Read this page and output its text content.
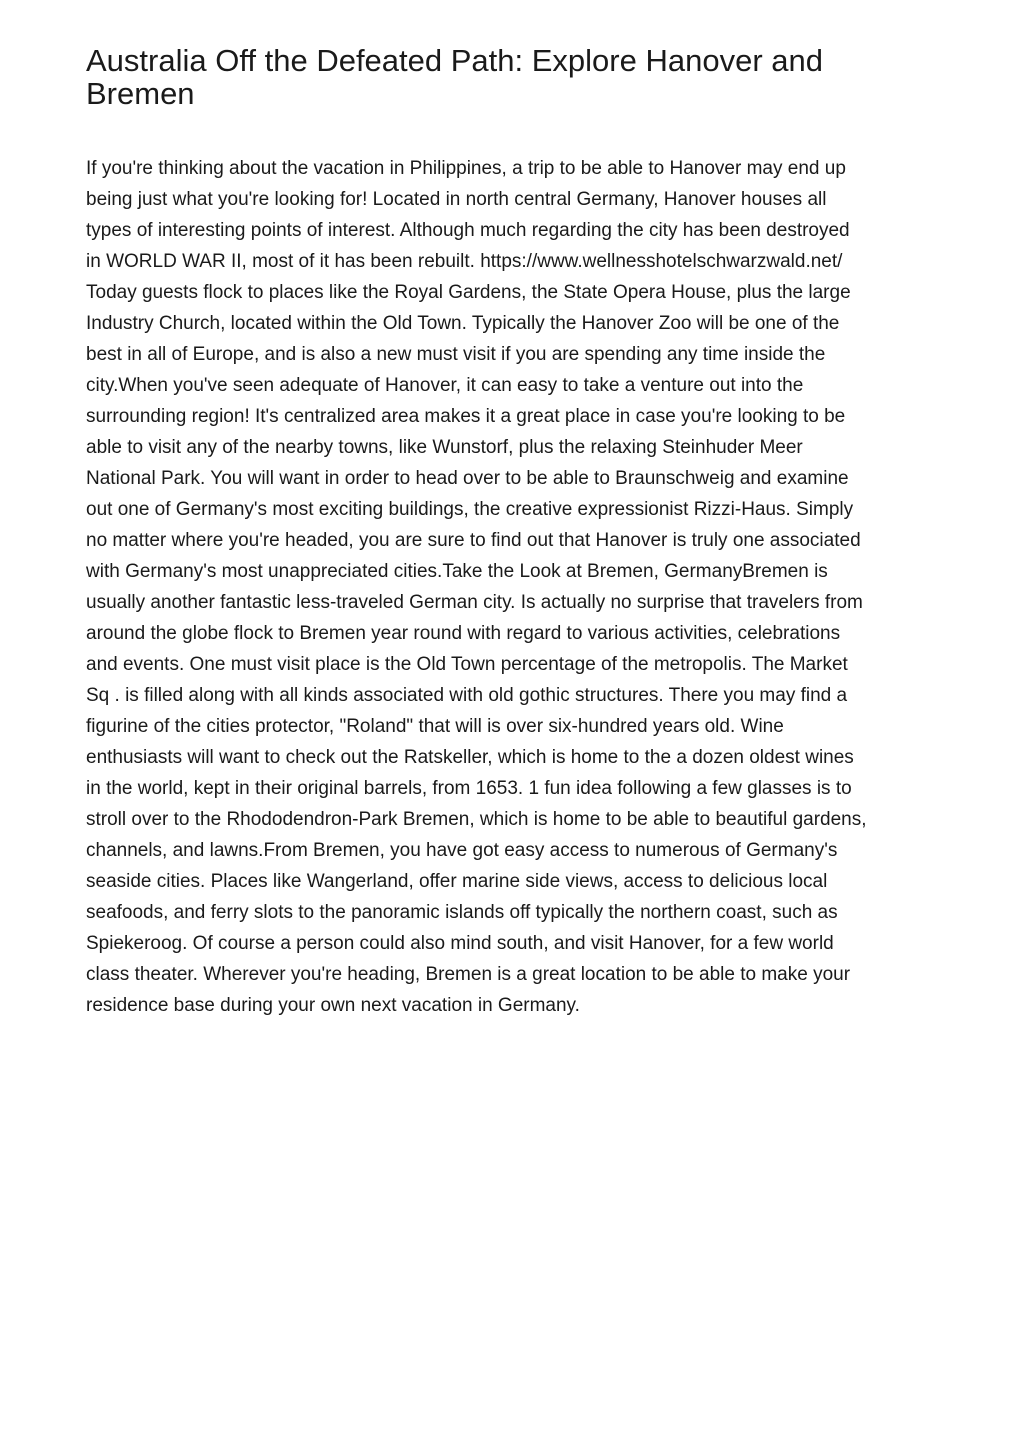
Australia Off the Defeated Path: Explore Hanover and
Bremen
If you're thinking about the vacation in Philippines, a trip to be able to Hanover may end up
being just what you're looking for! Located in north central Germany, Hanover houses all
types of interesting points of interest. Although much regarding the city has been destroyed
in WORLD WAR II, most of it has been rebuilt. https://www.wellnesshotelschwarzwald.net/
Today guests flock to places like the Royal Gardens, the State Opera House, plus the large
Industry Church, located within the Old Town. Typically the Hanover Zoo will be one of the
best in all of Europe, and is also a new must visit if you are spending any time inside the
city.When you've seen adequate of Hanover, it can easy to take a venture out into the
surrounding region! It's centralized area makes it a great place in case you're looking to be
able to visit any of the nearby towns, like Wunstorf, plus the relaxing Steinhuder Meer
National Park. You will want in order to head over to be able to Braunschweig and examine
out one of Germany's most exciting buildings, the creative expressionist Rizzi-Haus. Simply
no matter where you're headed, you are sure to find out that Hanover is truly one associated
with Germany's most unappreciated cities.Take the Look at Bremen, GermanyBremen is
usually another fantastic less-traveled German city. Is actually no surprise that travelers from
around the globe flock to Bremen year round with regard to various activities, celebrations
and events. One must visit place is the Old Town percentage of the metropolis. The Market
Sq . is filled along with all kinds associated with old gothic structures. There you may find a
figurine of the cities protector, "Roland" that will is over six-hundred years old. Wine
enthusiasts will want to check out the Ratskeller, which is home to the a dozen oldest wines
in the world, kept in their original barrels, from 1653. 1 fun idea following a few glasses is to
stroll over to the Rhododendron-Park Bremen, which is home to be able to beautiful gardens,
channels, and lawns.From Bremen, you have got easy access to numerous of Germany's
seaside cities. Places like Wangerland, offer marine side views, access to delicious local
seafoods, and ferry slots to the panoramic islands off typically the northern coast, such as
Spiekeroog. Of course a person could also mind south, and visit Hanover, for a few world
class theater. Wherever you're heading, Bremen is a great location to be able to make your
residence base during your own next vacation in Germany.
